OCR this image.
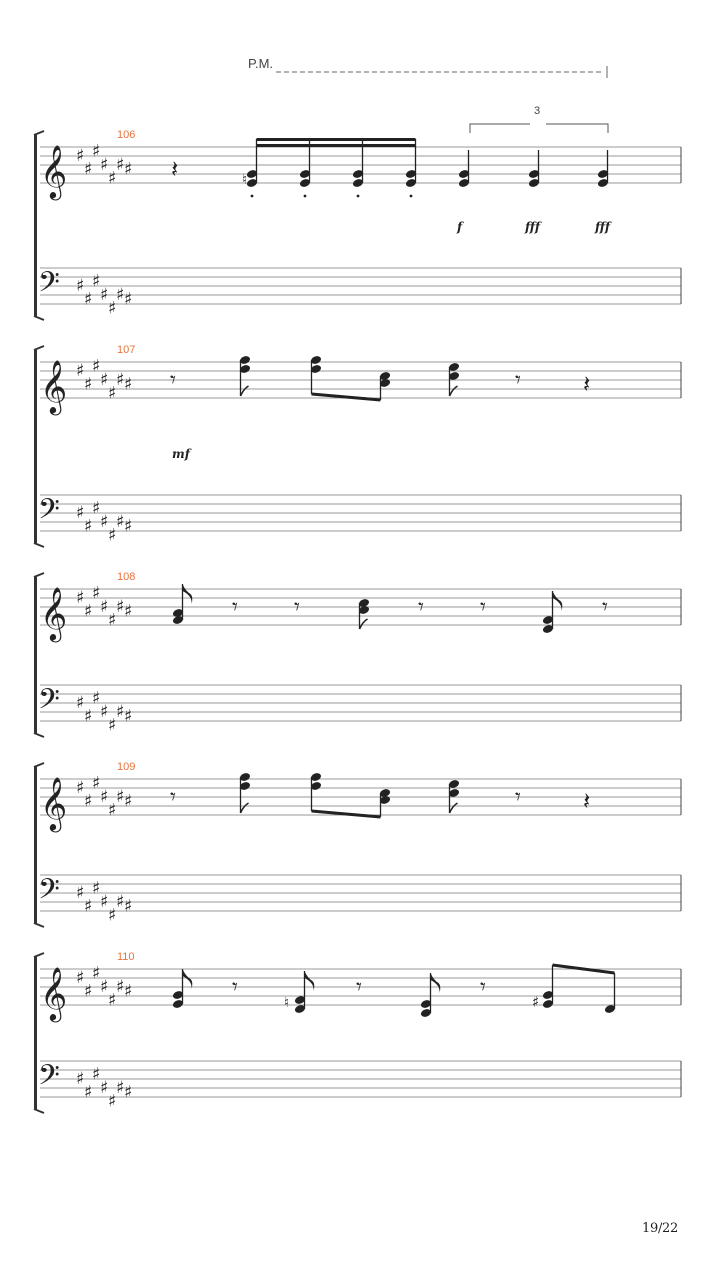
P.M.
𝄞 ♯
♯
♯
♯
♯
♯ ♯
𝄢 ♯
♯
♯
♯
♯
♯ ♯
106
𝄞 ♯
♯
♯
♯
♯
♯ ♯
𝄢 ♯
♯
♯
♯
♯
♯ ♯
107
𝄞 ♯
♯
♯
♯
♯
♯ ♯
𝄢 ♯
♯
♯
♯
♯
♯ ♯
108
𝄞 ♯
♯
♯
♯
♯
♯ ♯
𝄢 ♯
♯
♯
♯
♯
♯ ♯
109
𝄞 ♯
♯
♯
♯
♯
♯ ♯
𝄢 ♯
♯
♯
♯
♯
♯ ♯
110
𝄽	♮
3
f	fff	fff
𝄾	𝄾	𝄽
mf
𝄾	𝄾	𝄽
𝄾	𝄾	𝄾	𝄾	𝄾
𝄾
♮
𝄾	𝄾
♯
19/22
